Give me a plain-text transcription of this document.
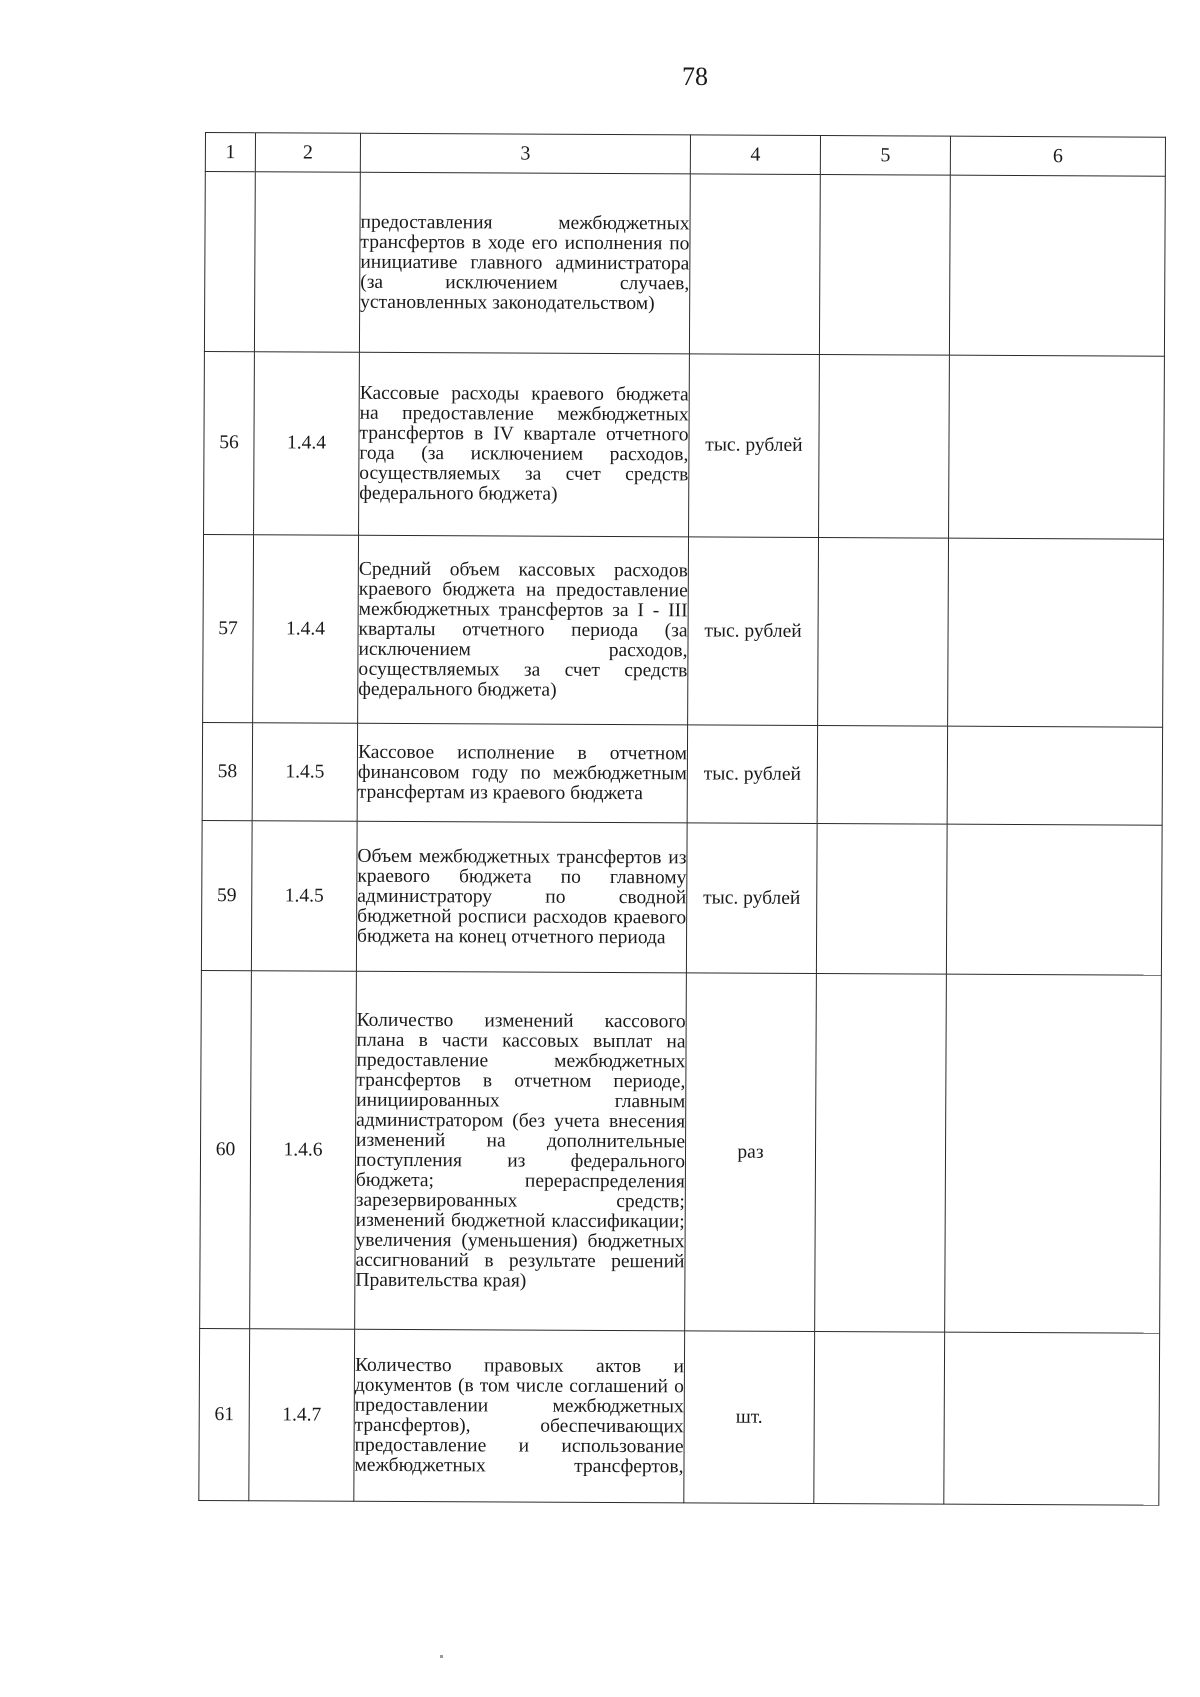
78
1	2	3	4	5	6
		предоставления межбюджетных трансфертов в ходе его исполнения по инициативе главного администратора (за исключением случаев, установленных законодательством)			
56	1.4.4	Кассовые расходы краевого бюджета на предоставление межбюджетных трансфертов в IV квартале отчетного года (за исключением расходов, осуществляемых за счет средств федерального бюджета)	тыс. рублей		
57	1.4.4	Средний объем кассовых расходов краевого бюджета на предоставление межбюджетных трансфертов за I - III кварталы отчетного периода (за исключением расходов, осуществляемых за счет средств федерального бюджета)	тыс. рублей		
58	1.4.5	Кассовое исполнение в отчетном финансовом году по межбюджетным трансфертам из краевого бюджета	тыс. рублей		
59	1.4.5	Объем межбюджетных трансфертов из краевого бюджета по главному администратору по сводной бюджетной росписи расходов краевого бюджета на конец отчетного периода	тыс. рублей		
60	1.4.6	Количество изменений кассового плана в части кассовых выплат на предоставление межбюджетных трансфертов в отчетном периоде, инициированных главным администратором (без учета внесения изменений на дополнительные поступления из федерального бюджета; перераспределения зарезервированных средств; изменений бюджетной классификации; увеличения (уменьшения) бюджетных ассигнований в результате решений Правительства края)	раз		
61	1.4.7	Количество правовых актов и документов (в том числе соглашений о предоставлении межбюджетных трансфертов), обеспечивающих предоставление и использование межбюджетных трансфертов,	шт.		
